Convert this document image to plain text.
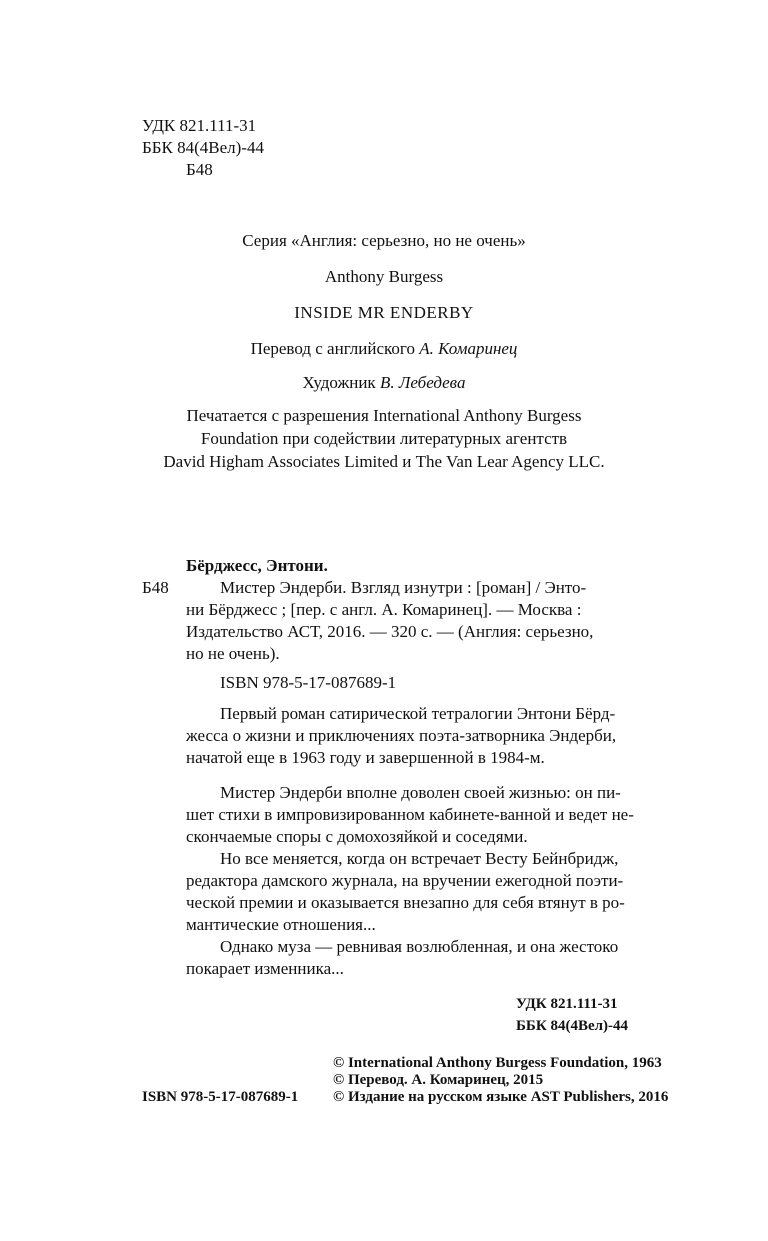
УДК 821.111-31
ББК 84(4Вел)-44
Б48
Серия «Англия: серьезно, но не очень»
Anthony Burgess
INSIDE MR ENDERBY
Перевод с английского А. Комаринец
Художник В. Лебедева
Печатается с разрешения International Anthony Burgess
Foundation при содействии литературных агентств
David Higham Associates Limited и The Van Lear Agency LLC.
Бёрджесс, Энтони.
Б48	Мистер Эндерби. Взгляд изнутри : [роман] / Энто-
ни Бёрджесс ; [пер. с англ. А. Комаринец]. — Москва :
Издательство АСТ, 2016. — 320 с. — (Англия: серьезно,
но не очень).
ISBN 978-5-17-087689-1
Первый роман сатирической тетралогии Энтони Бёрд-
жесса о жизни и приключениях поэта-затворника Эндерби,
начатой еще в 1963 году и завершенной в 1984-м.
Мистер Эндерби вполне доволен своей жизнью: он пи-
шет стихи в импровизированном кабинете-ванной и ведет не-
скончаемые споры с домохозяйкой и соседями.
Но все меняется, когда он встречает Весту Бейнбридж,
редактора дамского журнала, на вручении ежегодной поэти-
ческой премии и оказывается внезапно для себя втянут в ро-
мантические отношения...
Однако муза — ревнивая возлюбленная, и она жестоко
покарает изменника...
УДК 821.111-31
ББК 84(4Вел)-44
© International Anthony Burgess Foundation, 1963
© Перевод. А. Комаринец, 2015
ISBN 978-5-17-087689-1 © Издание на русском языке AST Publishers, 2016
